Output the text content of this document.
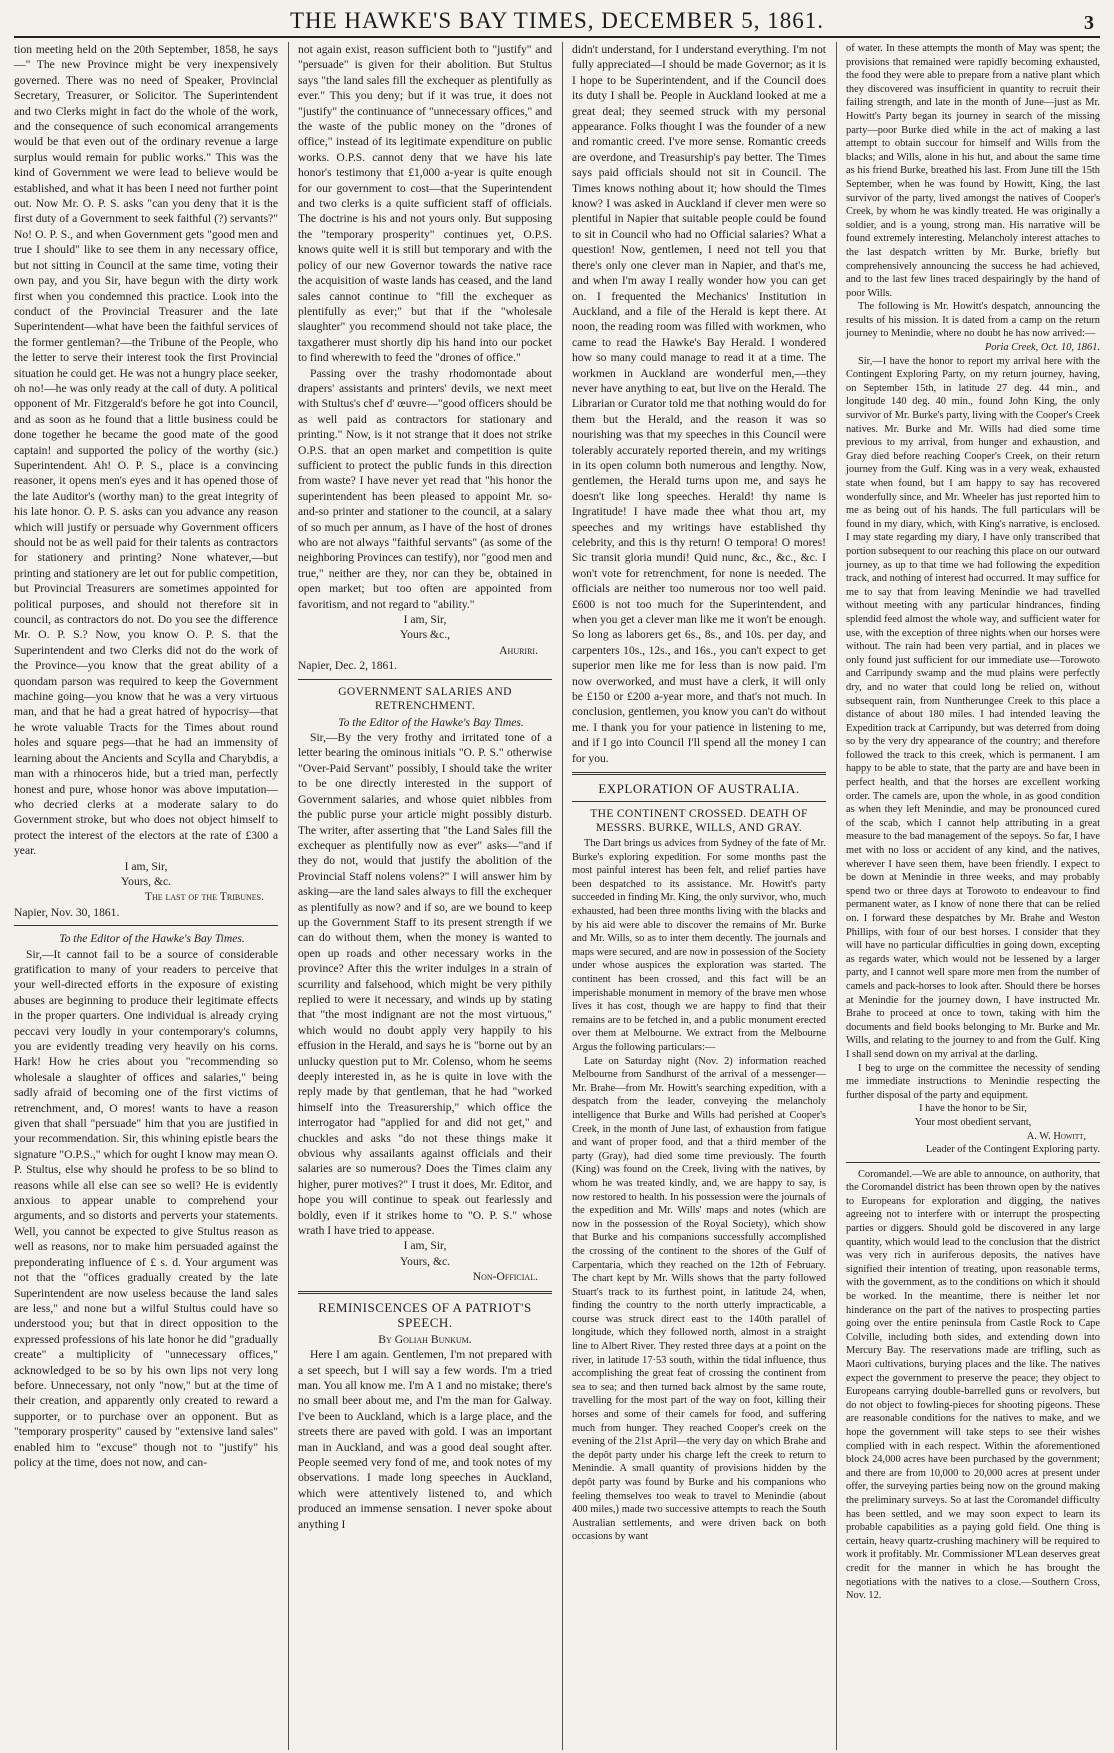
THE HAWKE'S BAY TIMES, DECEMBER 5, 1861.	3

tion meeting held on the 20th September, 1858, he says—" The new Province might be very inexpensively governed. There was no need of Speaker, Provincial Secretary, Treasurer, or Solicitor. The Superintendent and two Clerks might in fact do the whole of the work, and the consequence of such economical arrangements would be that even out of the ordinary revenue a large surplus would remain for public works." This was the kind of Government we were lead to believe would be established, and what it has been I need not further point out. Now Mr. O. P. S. asks "can you deny that it is the first duty of a Government to seek faithful (?) servants?" No! O. P. S., and when Government gets "good men and true I should" like to see them in any necessary office, but not sitting in Council at the same time, voting their own pay, and you Sir, have begun with the dirty work first when you condemned this practice. Look into the conduct of the Provincial Treasurer and the late Superintendent—what have been the faithful services of the former gentleman?—the Tribune of the People, who the letter to serve their interest took the first Provincial situation he could get. He was not a hungry place seeker, oh no!—he was only ready at the call of duty. A political opponent of Mr. Fitzgerald's before he got into Council, and as soon as he found that a little business could be done together he became the good mate of the good captain! and supported the policy of the worthy (sic.) Superintendent. Ah! O. P. S., place is a convincing reasoner, it opens men's eyes and it has opened those of the late Auditor's (worthy man) to the great integrity of his late honor. O. P. S. asks can you advance any reason which will justify or persuade why Government officers should not be as well paid for their talents as contractors for stationery and printing? None whatever,—but printing and stationery are let out for public competition, but Provincial Treasurers are sometimes appointed for political purposes, and should not therefore sit in council, as contractors do not. Do you see the difference Mr. O. P. S.? Now, you know O. P. S. that the Superintendent and two Clerks did not do the work of the Province—you know that the great ability of a quondam parson was required to keep the Government machine going—you know that he was a very virtuous man, and that he had a great hatred of hypocrisy—that he wrote valuable Tracts for the Times about round holes and square pegs—that he had an immensity of learning about the Ancients and Scylla and Charybdis, a man with a rhinoceros hide, but a tried man, perfectly honest and pure, whose honor was above imputation—who decried clerks at a moderate salary to do Government stroke, but who does not object himself to protect the interest of the electors at the rate of £300 a year.

I am, Sir,

Yours, &c.

The last of the Tribunes.

Napier, Nov. 30, 1861.

To the Editor of the Hawke's Bay Times.

Sir,—It cannot fail to be a source of considerable gratification to many of your readers to perceive that your well-directed efforts in the exposure of existing abuses are beginning to produce their legitimate effects in the proper quarters. One individual is already crying peccavi very loudly in your contemporary's columns, you are evidently treading very heavily on his corns. Hark! How he cries about you "recommending so wholesale a slaughter of offices and salaries," being sadly afraid of becoming one of the first victims of retrenchment, and, O mores! wants to have a reason given that shall "persuade" him that you are justified in your recommendation. Sir, this whining epistle bears the signature "O.P.S.," which for ought I know may mean O. P. Stultus, else why should he profess to be so blind to reasons while all else can see so well? He is evidently anxious to appear unable to comprehend your arguments, and so distorts and perverts your statements. Well, you cannot be expected to give Stultus reason as well as reasons, nor to make him persuaded against the preponderating influence of £ s. d. Your argument was not that the "offices gradually created by the late Superintendent are now useless because the land sales are less," and none but a wilful Stultus could have so understood you; but that in direct opposition to the expressed professions of his late honor he did "gradually create" a multiplicity of "unnecessary offices," acknowledged to be so by his own lips not very long before. Unnecessary, not only "now," but at the time of their creation, and apparently only created to reward a supporter, or to purchase over an opponent. But as "temporary prosperity" caused by "extensive land sales" enabled him to "excuse" though not to "justify" his policy at the time, does not now, and can-

not again exist, reason sufficient both to "justify" and "persuade" is given for their abolition. But Stultus says "the land sales fill the exchequer as plentifully as ever." This you deny; but if it was true, it does not "justify" the continuance of "unnecessary offices," and the waste of the public money on the "drones of office," instead of its legitimate expenditure on public works. O.P.S. cannot deny that we have his late honor's testimony that £1,000 a-year is quite enough for our government to cost—that the Superintendent and two clerks is a quite sufficient staff of officials. The doctrine is his and not yours only. But supposing the "temporary prosperity" continues yet, O.P.S. knows quite well it is still but temporary and with the policy of our new Governor towards the native race the acquisition of waste lands has ceased, and the land sales cannot continue to "fill the exchequer as plentifully as ever;" but that if the "wholesale slaughter" you recommend should not take place, the taxgatherer must shortly dip his hand into our pocket to find wherewith to feed the "drones of office."

Passing over the trashy rhodomontade about drapers' assistants and printers' devils, we next meet with Stultus's chef d' œuvre—"good officers should be as well paid as contractors for stationary and printing." Now, is it not strange that it does not strike O.P.S. that an open market and competition is quite sufficient to protect the public funds in this direction from waste? I have never yet read that "his honor the superintendent has been pleased to appoint Mr. so-and-so printer and stationer to the council, at a salary of so much per annum, as I have of the host of drones who are not always "faithful servants" (as some of the neighboring Provinces can testify), nor "good men and true," neither are they, nor can they be, obtained in open market; but too often are appointed from favoritism, and not regard to "ability."

I am, Sir,

Yours &c.,

Ahuriri.

Napier, Dec. 2, 1861.

GOVERNMENT SALARIES AND RETRENCHMENT.

To the Editor of the Hawke's Bay Times.

Sir,—By the very frothy and irritated tone of a letter bearing the ominous initials "O. P. S." otherwise "Over-Paid Servant" possibly, I should take the writer to be one directly interested in the support of Government salaries, and whose quiet nibbles from the public purse your article might possibly disturb. The writer, after asserting that "the Land Sales fill the exchequer as plentifully now as ever" asks—"and if they do not, would that justify the abolition of the Provincial Staff nolens volens?" I will answer him by asking—are the land sales always to fill the exchequer as plentifully as now? and if so, are we bound to keep up the Government Staff to its present strength if we can do without them, when the money is wanted to open up roads and other necessary works in the province? After this the writer indulges in a strain of scurrility and falsehood, which might be very pithily replied to were it necessary, and winds up by stating that "the most indignant are not the most virtuous," which would no doubt apply very happily to his effusion in the Herald, and says he is "borne out by an unlucky question put to Mr. Colenso, whom he seems deeply interested in, as he is quite in love with the reply made by that gentleman, that he had "worked himself into the Treasurership," which office the interrogator had "applied for and did not get," and chuckles and asks "do not these things make it obvious why assailants against officials and their salaries are so numerous? Does the Times claim any higher, purer motives?" I trust it does, Mr. Editor, and hope you will continue to speak out fearlessly and boldly, even if it strikes home to "O. P. S." whose wrath I have tried to appease.

I am, Sir,

Yours, &c.

Non-Official.

REMINISCENCES OF A PATRIOT'S SPEECH.

By Goliah Bunkum.

Here I am again. Gentlemen, I'm not prepared with a set speech, but I will say a few words. I'm a tried man. You all know me. I'm A 1 and no mistake; there's no small beer about me, and I'm the man for Galway. I've been to Auckland, which is a large place, and the streets there are paved with gold. I was an important man in Auckland, and was a good deal sought after. People seemed very fond of me, and took notes of my observations. I made long speeches in Auckland, which were attentively listened to, and which produced an immense sensation. I never spoke about anything I

didn't understand, for I understand everything. I'm not fully appreciated—I should be made Governor; as it is I hope to be Superintendent, and if the Council does its duty I shall be. People in Auckland looked at me a great deal; they seemed struck with my personal appearance. Folks thought I was the founder of a new and romantic creed. I've more sense. Romantic creeds are overdone, and Treasurship's pay better. The Times says paid officials should not sit in Council. The Times knows nothing about it; how should the Times know? I was asked in Auckland if clever men were so plentiful in Napier that suitable people could be found to sit in Council who had no Official salaries? What a question! Now, gentlemen, I need not tell you that there's only one clever man in Napier, and that's me, and when I'm away I really wonder how you can get on. I frequented the Mechanics' Institution in Auckland, and a file of the Herald is kept there. At noon, the reading room was filled with workmen, who came to read the Hawke's Bay Herald. I wondered how so many could manage to read it at a time. The workmen in Auckland are wonderful men,—they never have anything to eat, but live on the Herald. The Librarian or Curator told me that nothing would do for them but the Herald, and the reason it was so nourishing was that my speeches in this Council were tolerably accurately reported therein, and my writings in its open column both numerous and lengthy. Now, gentlemen, the Herald turns upon me, and says he doesn't like long speeches. Herald! thy name is Ingratitude! I have made thee what thou art, my speeches and my writings have established thy celebrity, and this is thy return! O tempora! O mores! Sic transit gloria mundi! Quid nunc, &c., &c., &c. I won't vote for retrenchment, for none is needed. The officials are neither too numerous nor too well paid. £600 is not too much for the Superintendent, and when you get a clever man like me it won't be enough. So long as laborers get 6s., 8s., and 10s. per day, and carpenters 10s., 12s., and 16s., you can't expect to get superior men like me for less than is now paid. I'm now overworked, and must have a clerk, it will only be £150 or £200 a-year more, and that's not much. In conclusion, gentlemen, you know you can't do without me. I thank you for your patience in listening to me, and if I go into Council I'll spend all the money I can for you.

EXPLORATION OF AUSTRALIA.
THE CONTINENT CROSSED. DEATH OF MESSRS. BURKE, WILLS, AND GRAY.

The Dart brings us advices from Sydney of the fate of Mr. Burke's exploring expedition. For some months past the most painful interest has been felt, and relief parties have been despatched to its assistance. Mr. Howitt's party succeeded in finding Mr. King, the only survivor, who, much exhausted, had been three months living with the blacks and by his aid were able to discover the remains of Mr. Burke and Mr. Wills, so as to inter them decently. The journals and maps were secured, and are now in possession of the Society under whose auspices the exploration was started. The continent has been crossed, and this fact will be an imperishable monument in memory of the brave men whose lives it has cost, though we are happy to find that their remains are to be fetched in, and a public monument erected over them at Melbourne. We extract from the Melbourne Argus the following particulars:—

Late on Saturday night (Nov. 2) information reached Melbourne from Sandhurst of the arrival of a messenger—Mr. Brahe—from Mr. Howitt's searching expedition, with a despatch from the leader, conveying the melancholy intelligence that Burke and Wills had perished at Cooper's Creek, in the month of June last, of exhaustion from fatigue and want of proper food, and that a third member of the party (Gray), had died some time previously. The fourth (King) was found on the Creek, living with the natives, by whom he was treated kindly, and, we are happy to say, is now restored to health. In his possession were the journals of the expedition and Mr. Wills' maps and notes (which are now in the possession of the Royal Society), which show that Burke and his companions successfully accomplished the crossing of the continent to the shores of the Gulf of Carpentaria, which they reached on the 12th of February. The chart kept by Mr. Wills shows that the party followed Stuart's track to its furthest point, in latitude 24, when, finding the country to the north utterly impracticable, a course was struck direct east to the 140th parallel of longitude, which they followed north, almost in a straight line to Albert River. They rested three days at a point on the river, in latitude 17·53 south, within the tidal influence, thus accomplishing the great feat of crossing the continent from sea to sea; and then turned back almost by the same route, travelling for the most part of the way on foot, killing their horses and some of their camels for food, and suffering much from hunger. They reached Cooper's creek on the evening of the 21st April—the very day on which Brahe and the depôt party under his charge left the creek to return to Menindie. A small quantity of provisions hidden by the depôt party was found by Burke and his companions who feeling themselves too weak to travel to Menindie (about 400 miles,) made two successive attempts to reach the South Australian settlements, and were driven back on both occasions by want

of water. In these attempts the month of May was spent; the provisions that remained were rapidly becoming exhausted, the food they were able to prepare from a native plant which they discovered was insufficient in quantity to recruit their failing strength, and late in the month of June—just as Mr. Howitt's Party began its journey in search of the missing party—poor Burke died while in the act of making a last attempt to obtain succour for himself and Wills from the blacks; and Wills, alone in his hut, and about the same time as his friend Burke, breathed his last. From June till the 15th September, when he was found by Howitt, King, the last survivor of the party, lived amongst the natives of Cooper's Creek, by whom he was kindly treated. He was originally a soldier, and is a young, strong man. His narrative will be found extremely interesting. Melancholy interest attaches to the last despatch written by Mr. Burke, briefly but comprehensively announcing the success he had achieved, and to the last few lines traced despairingly by the hand of poor Wills.

The following is Mr. Howitt's despatch, announcing the results of his mission. It is dated from a camp on the return journey to Menindie, where no doubt he has now arrived:—

Poria Creek, Oct. 10, 1861.

Sir,—I have the honor to report my arrival here with the Contingent Exploring Party, on my return journey, having, on September 15th, in latitude 27 deg. 44 min., and longitude 140 deg. 40 min., found John King, the only survivor of Mr. Burke's party, living with the Cooper's Creek natives. Mr. Burke and Mr. Wills had died some time previous to my arrival, from hunger and exhaustion, and Gray died before reaching Cooper's Creek, on their return journey from the Gulf. King was in a very weak, exhausted state when found, but I am happy to say has recovered wonderfully since, and Mr. Wheeler has just reported him to me as being out of his hands. The full particulars will be found in my diary, which, with King's narrative, is enclosed. I may state regarding my diary, I have only transcribed that portion subsequent to our reaching this place on our outward journey, as up to that time we had following the expedition track, and nothing of interest had occurred. It may suffice for me to say that from leaving Menindie we had travelled without meeting with any particular hindrances, finding splendid feed almost the whole way, and sufficient water for use, with the exception of three nights when our horses were without. The rain had been very partial, and in places we only found just sufficient for our immediate use—Torowoto and Carripundy swamp and the mud plains were perfectly dry, and no water that could long be relied on, without subsequent rain, from Nuntherungee Creek to this place a distance of about 180 miles. I had intended leaving the Expedition track at Carripundy, but was deterred from doing so by the very dry appearance of the country; and therefore followed the track to this creek, which is permanent. I am happy to be able to state, that the party are and have been in perfect health, and that the horses are excellent working order. The camels are, upon the whole, in as good condition as when they left Menindie, and may be pronounced cured of the scab, which I cannot help attributing in a great measure to the bad management of the sepoys. So far, I have met with no loss or accident of any kind, and the natives, wherever I have seen them, have been friendly. I expect to be down at Menindie in three weeks, and may probably spend two or three days at Torowoto to endeavour to find permanent water, as I know of none there that can be relied on. I forward these despatches by Mr. Brahe and Weston Phillips, with four of our best horses. I consider that they will have no particular difficulties in going down, excepting as regards water, which would not be lessened by a larger party, and I cannot well spare more men from the number of camels and pack-horses to look after. Should there be horses at Menindie for the journey down, I have instructed Mr. Brahe to proceed at once to town, taking with him the documents and field books belonging to Mr. Burke and Mr. Wills, and relating to the journey to and from the Gulf. King I shall send down on my arrival at the darling.

I beg to urge on the committee the necessity of sending me immediate instructions to Menindie respecting the further disposal of the party and equipment.

I have the honor to be Sir,

Your most obedient servant,

A. W. Howitt,

Leader of the Contingent Exploring party.

Coromandel.—We are able to announce, on authority, that the Coromandel district has been thrown open by the natives to Europeans for exploration and digging, the natives agreeing not to interfere with or interrupt the prospecting parties or diggers. Should gold be discovered in any large quantity, which would lead to the conclusion that the district was very rich in auriferous deposits, the natives have signified their intention of treating, upon reasonable terms, with the government, as to the conditions on which it should be worked. In the meantime, there is neither let nor hinderance on the part of the natives to prospecting parties going over the entire peninsula from Castle Rock to Cape Colville, including both sides, and extending down into Mercury Bay. The reservations made are trifling, such as Maori cultivations, burying places and the like. The natives expect the government to preserve the peace; they object to Europeans carrying double-barrelled guns or revolvers, but do not object to fowling-pieces for shooting pigeons. These are reasonable conditions for the natives to make, and we hope the government will take steps to see their wishes complied with in each respect. Within the aforementioned block 24,000 acres have been purchased by the government; and there are from 10,000 to 20,000 acres at present under offer, the surveying parties being now on the ground making the preliminary surveys. So at last the Coromandel difficulty has been settled, and we may soon expect to learn its probable capabilities as a paying gold field. One thing is certain, heavy quartz-crushing machinery will be required to work it profitably. Mr. Commissioner M'Lean deserves great credit for the manner in which he has brought the negotiations with the natives to a close.—Southern Cross, Nov. 12.
